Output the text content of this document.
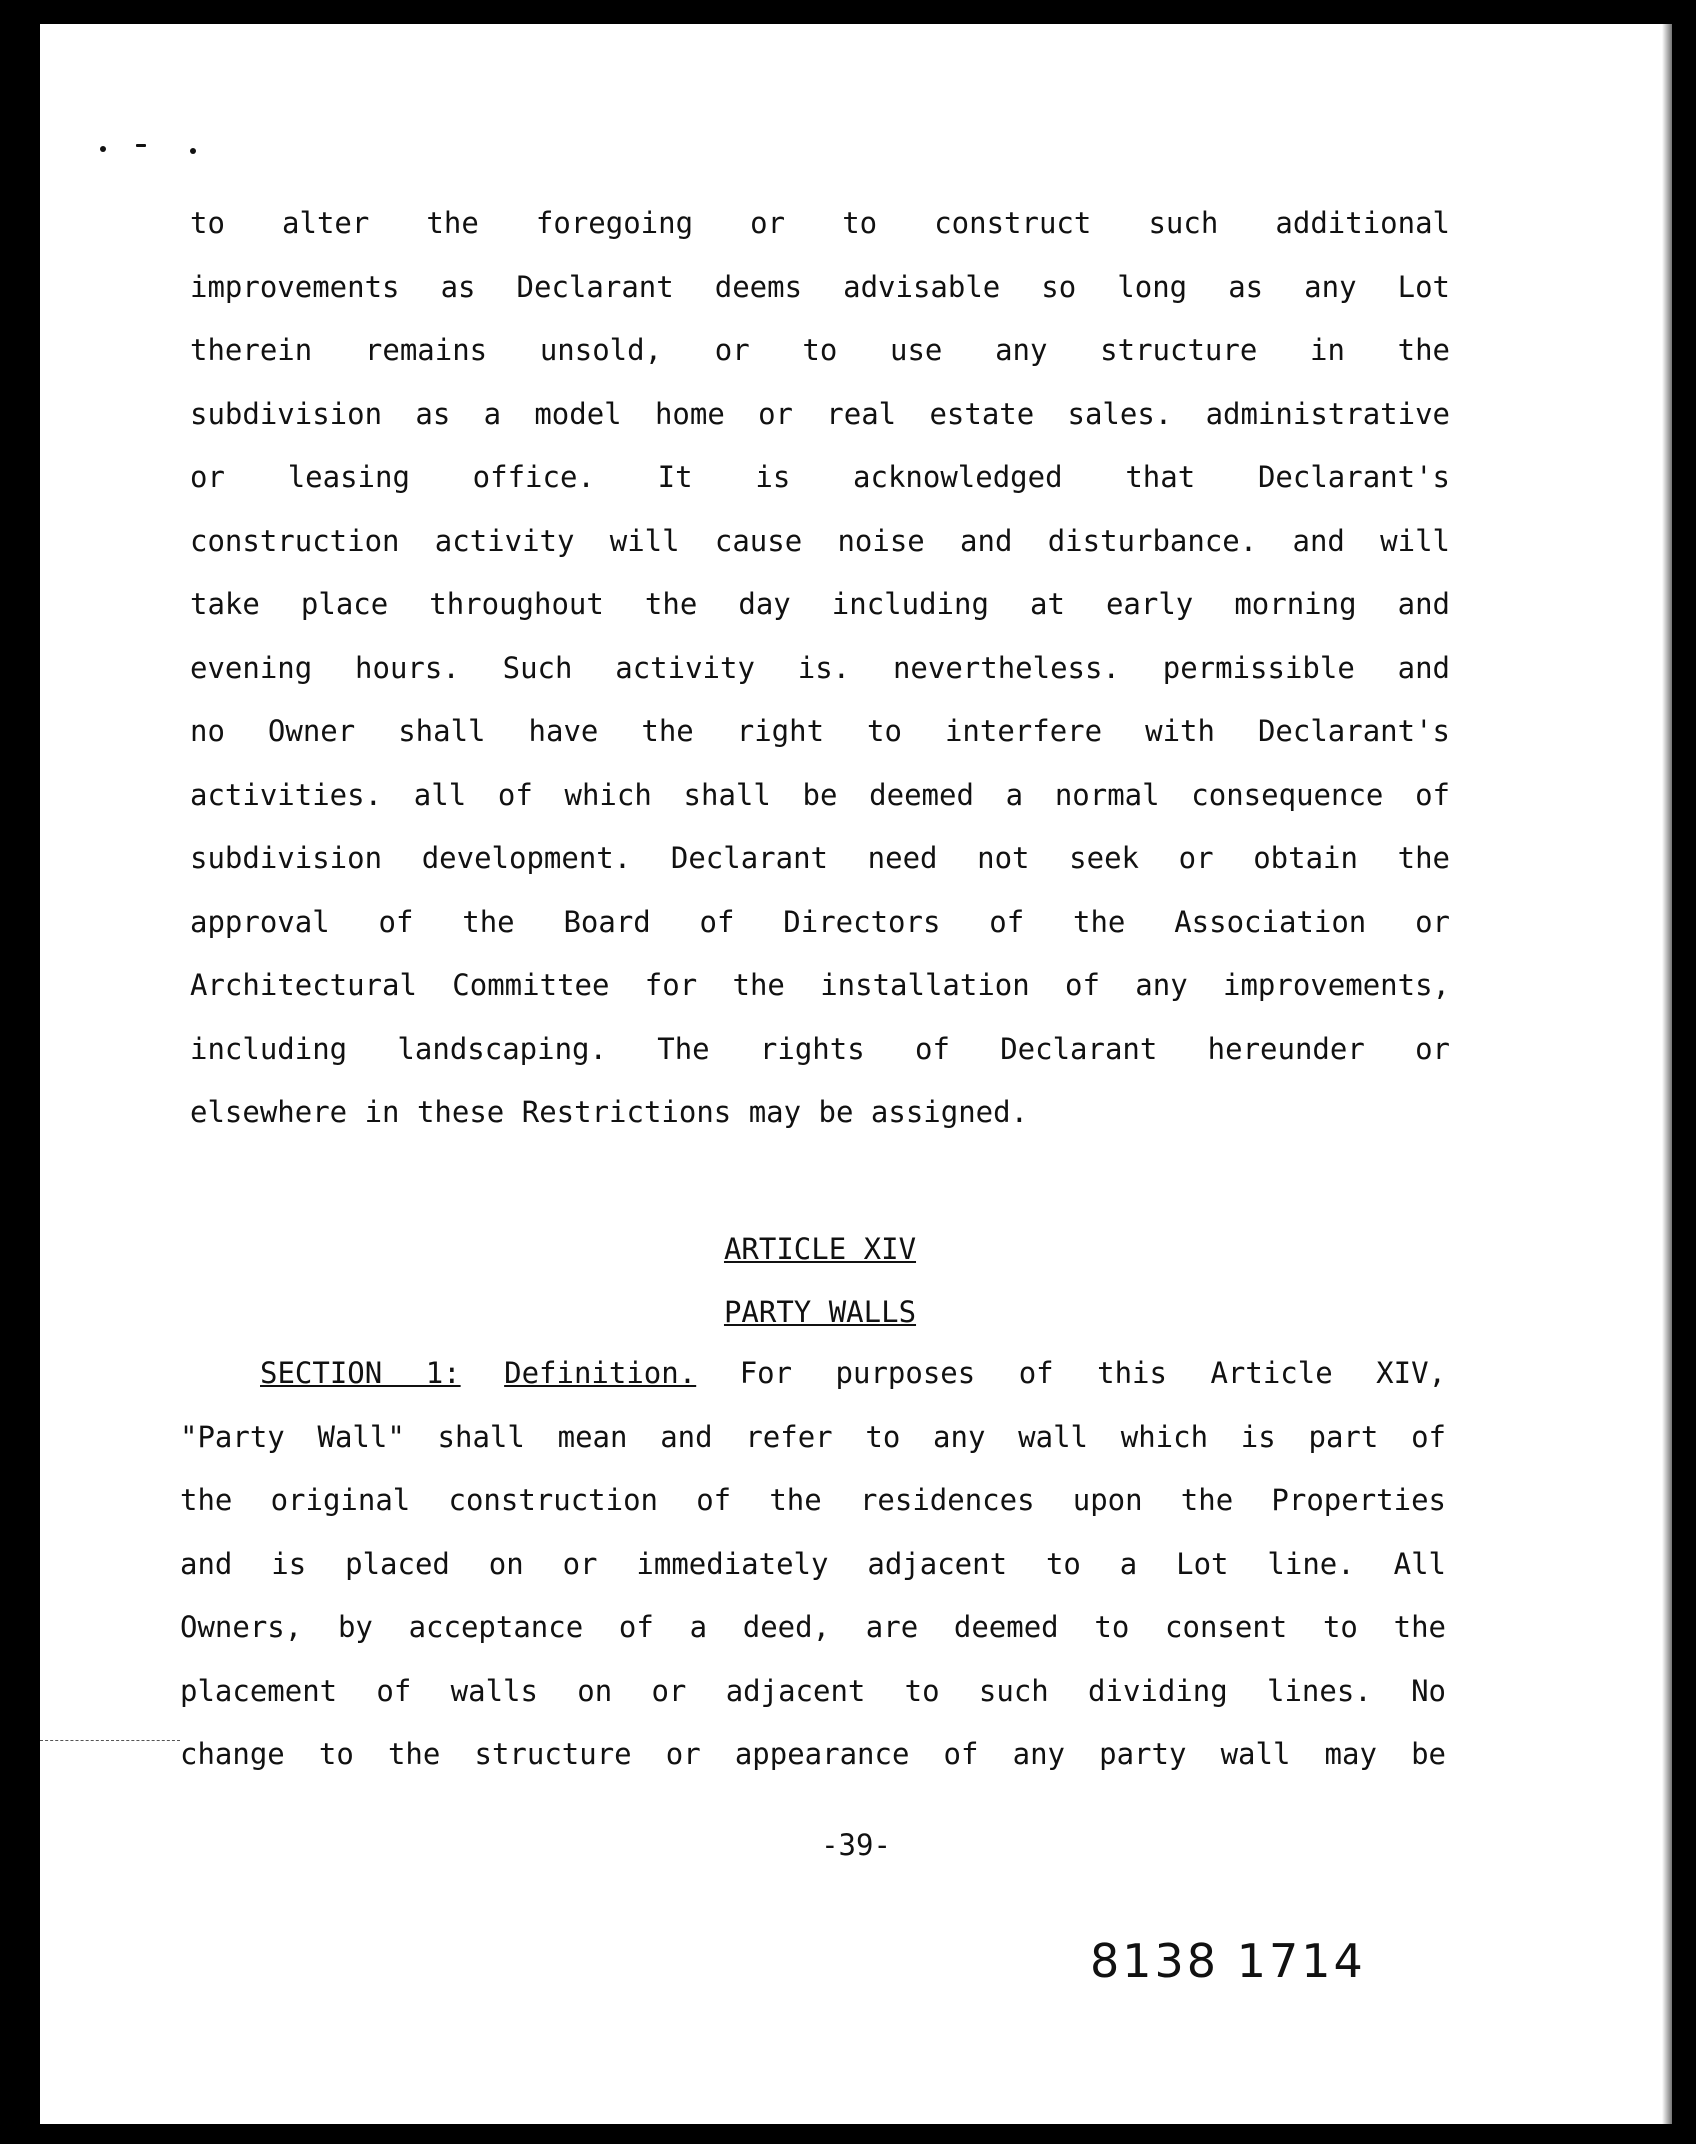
to alter the foregoing or to construct such additional
improvements as Declarant deems advisable so long as any Lot
therein remains unsold, or to use any structure in the
subdivision as a model home or real estate sales. administrative
or leasing office. It is acknowledged that Declarant's
construction activity will cause noise and disturbance. and will
take place throughout the day including at early morning and
evening hours. Such activity is. nevertheless. permissible and
no Owner shall have the right to interfere with Declarant's
activities. all of which shall be deemed a normal consequence of
subdivision development. Declarant need not seek or obtain the
approval of the Board of Directors of the Association or
Architectural Committee for the installation of any improvements,
including landscaping. The rights of Declarant hereunder or
elsewhere in these Restrictions may be assigned.
ARTICLE XIV
PARTY WALLS
SECTION 1: Definition. For purposes of this Article XIV,
"Party Wall" shall mean and refer to any wall which is part of
the original construction of the residences upon the Properties
and is placed on or immediately adjacent to a Lot line. All
Owners, by acceptance of a deed, are deemed to consent to the
placement of walls on or adjacent to such dividing lines. No
change to the structure or appearance of any party wall may be
-39-
8138 1714
